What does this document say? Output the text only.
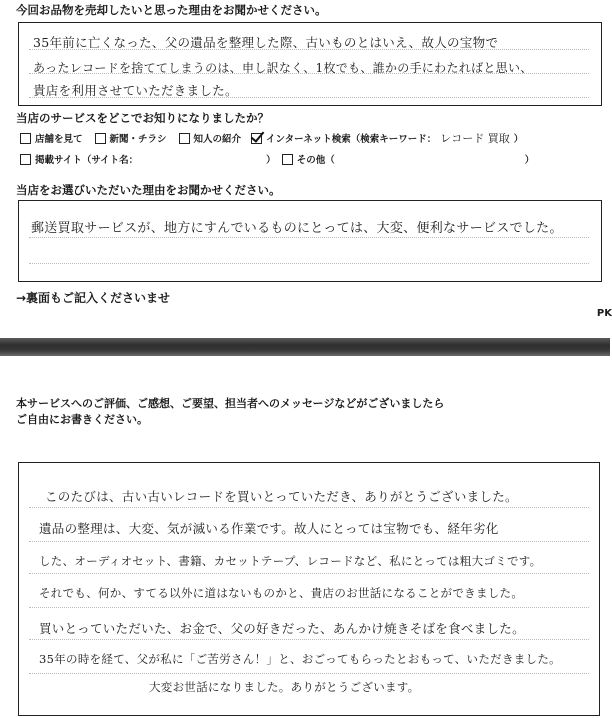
今回お品物を売却したいと思った理由をお聞かせください。
35年前に亡くなった、父の遺品を整理した際、古いものとはいえ、故人の宝物で
あったレコードを捨ててしまうのは、申し訳なく、1枚でも、誰かの手にわたればと思い、
貴店を利用させていただきました。
当店のサービスをどこでお知りになりましたか？
店舗を見て	新聞・チラシ	知人の紹介	インターネット検索（検索キーワード： レコード 買取 ）
掲載サイト（サイト名：	） その他（	）
当店をお選びいただいた理由をお聞かせください。
郵送買取サービスが、地方にすんでいるものにとっては、大変、便利なサービスでした。
→裏面もご記入くださいませ
PK
本サービスへのご評価、ご感想、ご要望、担当者へのメッセージなどがございましたら
ご自由にお書きください。
このたびは、古い古いレコードを買いとっていただき、ありがとうございました。
遺品の整理は、大変、気が滅いる作業です。故人にとっては宝物でも、経年劣化
した、オーディオセット、書籍、カセットテープ、レコードなど、私にとっては粗大ゴミです。
それでも、何か、すてる以外に道はないものかと、貴店のお世話になることができました。
買いとっていただいた、お金で、父の好きだった、あんかけ焼きそばを食べました。
35年の時を経て、父が私に「ご苦労さん！」と、おごってもらったとおもって、いただきました。
大変お世話になりました。ありがとうございます。
